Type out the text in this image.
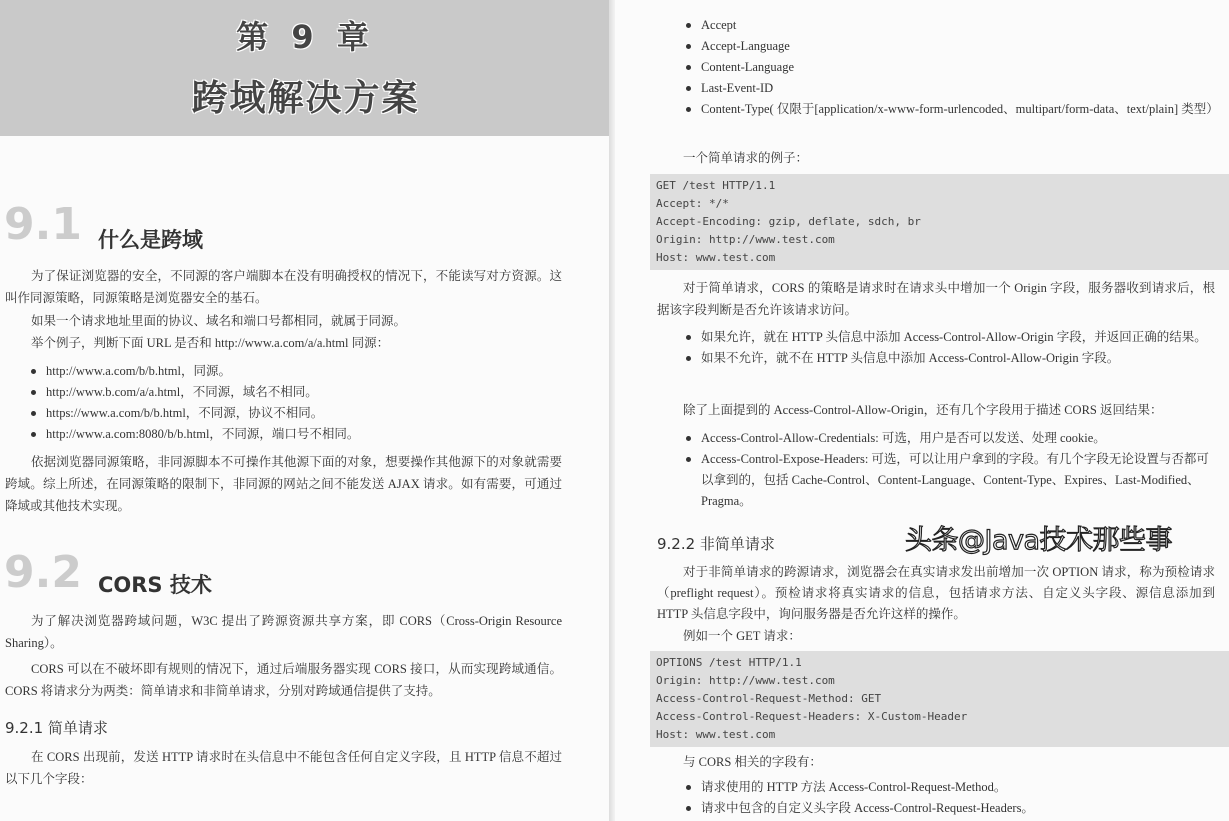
第 9 章
跨域解决方案
9.1 什么是跨域
为了保证浏览器的安全，不同源的客户端脚本在没有明确授权的情况下，不能读写对方资源。这叫作同源策略，同源策略是浏览器安全的基石。
如果一个请求地址里面的协议、域名和端口号都相同，就属于同源。
举个例子，判断下面 URL 是否和 http://www.a.com/a/a.html 同源：
http://www.a.com/b/b.html，同源。
http://www.b.com/a/a.html，不同源，域名不相同。
https://www.a.com/b/b.html，不同源，协议不相同。
http://www.a.com:8080/b/b.html，不同源，端口号不相同。
依据浏览器同源策略，非同源脚本不可操作其他源下面的对象，想要操作其他源下的对象就需要跨域。综上所述，在同源策略的限制下，非同源的网站之间不能发送 AJAX 请求。如有需要，可通过降域或其他技术实现。
9.2 CORS 技术
为了解决浏览器跨域问题，W3C 提出了跨源资源共享方案，即 CORS（Cross-Origin Resource Sharing）。
CORS 可以在不破坏即有规则的情况下，通过后端服务器实现 CORS 接口，从而实现跨域通信。CORS 将请求分为两类：简单请求和非简单请求，分别对跨域通信提供了支持。
9.2.1 简单请求
在 CORS 出现前，发送 HTTP 请求时在头信息中不能包含任何自定义字段，且 HTTP 信息不超过以下几个字段：
Accept
Accept-Language
Content-Language
Last-Event-ID
Content-Type( 仅限于[application/x-www-form-urlencoded、multipart/form-data、text/plain] 类型）
一个简单请求的例子：
GET /test HTTP/1.1
Accept: */*
Accept-Encoding: gzip, deflate, sdch, br
Origin: http://www.test.com
Host: www.test.com
对于简单请求，CORS 的策略是请求时在请求头中增加一个 Origin 字段，服务器收到请求后，根据该字段判断是否允许该请求访问。
如果允许，就在 HTTP 头信息中添加 Access-Control-Allow-Origin 字段，并返回正确的结果。
如果不允许，就不在 HTTP 头信息中添加 Access-Control-Allow-Origin 字段。
除了上面提到的 Access-Control-Allow-Origin，还有几个字段用于描述 CORS 返回结果：
Access-Control-Allow-Credentials: 可选，用户是否可以发送、处理 cookie。
Access-Control-Expose-Headers: 可选，可以让用户拿到的字段。有几个字段无论设置与否都可以拿到的，包括 Cache-Control、Content-Language、Content-Type、Expires、Last-Modified、Pragma。
9.2.2 非简单请求	头条@Java技术那些事
对于非简单请求的跨源请求，浏览器会在真实请求发出前增加一次 OPTION 请求，称为预检请求（preflight request）。预检请求将真实请求的信息，包括请求方法、自定义头字段、源信息添加到 HTTP 头信息字段中，询问服务器是否允许这样的操作。
例如一个 GET 请求：
OPTIONS /test HTTP/1.1
Origin: http://www.test.com
Access-Control-Request-Method: GET
Access-Control-Request-Headers: X-Custom-Header
Host: www.test.com
与 CORS 相关的字段有：
请求使用的 HTTP 方法 Access-Control-Request-Method。
请求中包含的自定义头字段 Access-Control-Request-Headers。
